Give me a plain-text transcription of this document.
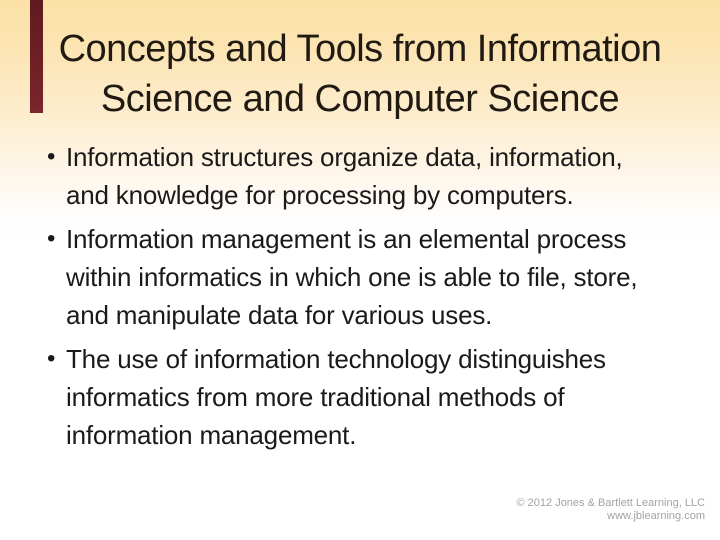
Concepts and Tools from Information Science and Computer Science
• Information structures organize data, information, and knowledge for processing by computers.
• Information management is an elemental process within informatics in which one is able to file, store, and manipulate data for various uses.
• The use of information technology distinguishes informatics from more traditional methods of information management.
© 2012 Jones & Bartlett Learning, LLC
www.jblearning.com
